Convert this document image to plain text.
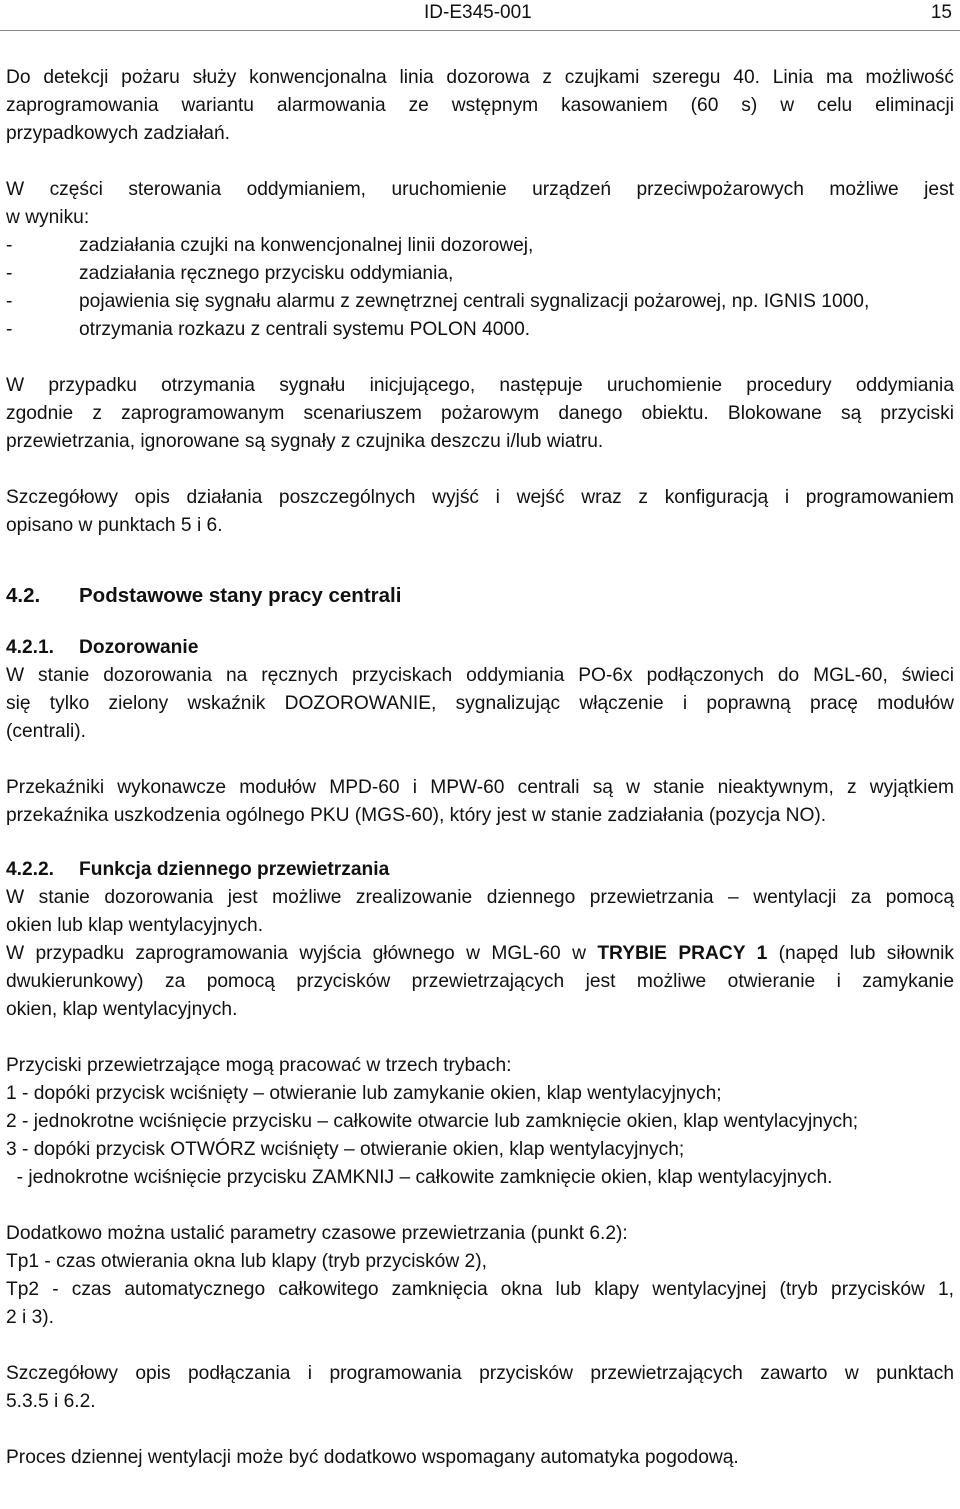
ID-E345-001	15

Do detekcji pożaru służy konwencjonalna linia dozorowa z czujkami szeregu 40. Linia ma możliwość
zaprogramowania wariantu alarmowania ze wstępnym kasowaniem (60 s) w celu eliminacji
przypadkowych zadziałań.

W części sterowania oddymianiem, uruchomienie urządzeń przeciwpożarowych możliwe jest
w wyniku:

-	zadziałania czujki na konwencjonalnej linii dozorowej,
-	zadziałania ręcznego przycisku oddymiania,
-	pojawienia się sygnału alarmu z zewnętrznej centrali sygnalizacji pożarowej, np. IGNIS 1000,
-	otrzymania rozkazu z centrali systemu POLON 4000.

W przypadku otrzymania sygnału inicjującego, następuje uruchomienie procedury oddymiania
zgodnie z zaprogramowanym scenariuszem pożarowym danego obiektu. Blokowane są przyciski
przewietrzania, ignorowane są sygnały z czujnika deszczu i/lub wiatru.

Szczegółowy opis działania poszczególnych wyjść i wejść wraz z konfiguracją i programowaniem
opisano w punktach 5 i 6.

4.2.	Podstawowe stany pracy centrali
4.2.1.	Dozorowanie

W stanie dozorowania na ręcznych przyciskach oddymiania PO-6x podłączonych do MGL-60, świeci
się tylko zielony wskaźnik DOZOROWANIE, sygnalizując włączenie i poprawną pracę modułów
(centrali).

Przekaźniki wykonawcze modułów MPD-60 i MPW-60 centrali są w stanie nieaktywnym, z wyjątkiem
przekaźnika uszkodzenia ogólnego PKU (MGS-60), który jest w stanie zadziałania (pozycja NO).

4.2.2.	Funkcja dziennego przewietrzania

W stanie dozorowania jest możliwe zrealizowanie dziennego przewietrzania – wentylacji za pomocą
okien lub klap wentylacyjnych.

W przypadku zaprogramowania wyjścia głównego w MGL-60 w TRYBIE PRACY 1 (napęd lub siłownik
dwukierunkowy) za pomocą przycisków przewietrzających jest możliwe otwieranie i zamykanie
okien, klap wentylacyjnych.

Przyciski przewietrzające mogą pracować w trzech trybach:
1 - dopóki przycisk wciśnięty – otwieranie lub zamykanie okien, klap wentylacyjnych;
2 - jednokrotne wciśnięcie przycisku – całkowite otwarcie lub zamknięcie okien, klap wentylacyjnych;
3 - dopóki przycisk OTWÓRZ wciśnięty – otwieranie okien, klap wentylacyjnych;
- jednokrotne wciśnięcie przycisku ZAMKNIJ – całkowite zamknięcie okien, klap wentylacyjnych.

Dodatkowo można ustalić parametry czasowe przewietrzania (punkt 6.2):
Tp1 - czas otwierania okna lub klapy (tryb przycisków 2),
Tp2 - czas automatycznego całkowitego zamknięcia okna lub klapy wentylacyjnej (tryb przycisków 1,
2 i 3).

Szczegółowy opis podłączania i programowania przycisków przewietrzających zawarto w punktach
5.3.5 i 6.2.

Proces dziennej wentylacji może być dodatkowo wspomagany automatyka pogodową.
